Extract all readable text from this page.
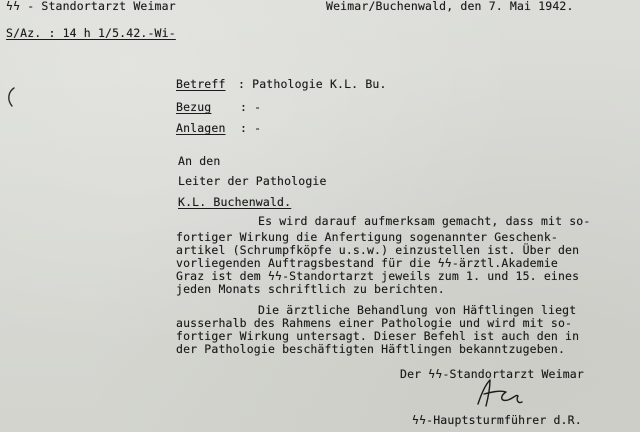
ϟϟ - Standortarzt Weimar	Weimar/Buchenwald, den 7. Mai 1942.
S/Az. : 14 h 1/5.42.-Wi-
Betreff : Pathologie K.L. Bu.
Bezug : -
Anlagen : -
An den
Leiter der Pathologie
K.L. Buchenwald.
Es wird darauf aufmerksam gemacht, dass mit so-
fortiger Wirkung die Anfertigung sogenannter Geschenk-
artikel (Schrumpfköpfe u.s.w.) einzustellen ist. Über den
vorliegenden Auftragsbestand für die ϟϟ-ärztl.Akademie
Graz ist dem ϟϟ-Standortarzt jeweils zum 1. und 15. eines
jeden Monats schriftlich zu berichten.
Die ärztliche Behandlung von Häftlingen liegt
ausserhalb des Rahmens einer Pathologie und wird mit so-
fortiger Wirkung untersagt. Dieser Befehl ist auch den in
der Pathologie beschäftigten Häftlingen bekanntzugeben.
Der ϟϟ-Standortarzt Weimar
ϟϟ-Hauptsturmführer d.R.
